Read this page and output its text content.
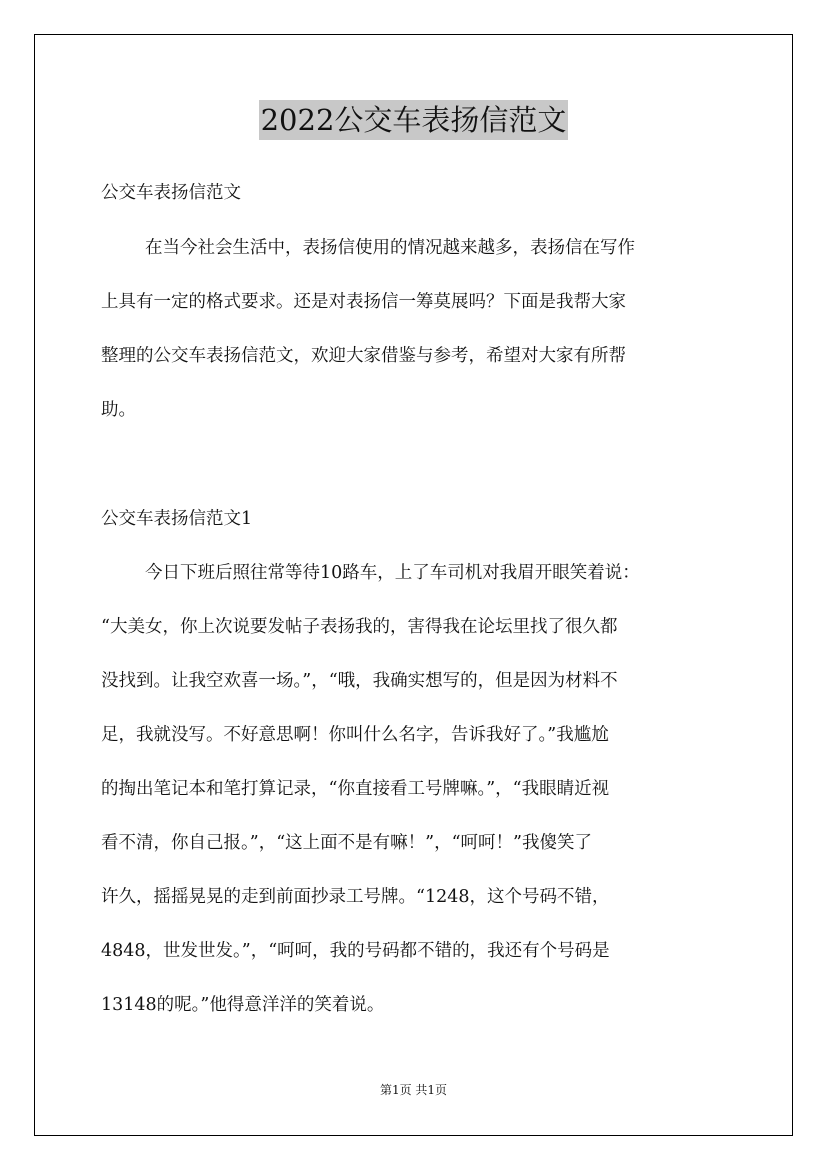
2022公交车表扬信范文
公交车表扬信范文
在当今社会生活中，表扬信使用的情况越来越多，表扬信在写作
上具有一定的格式要求。还是对表扬信一筹莫展吗？下面是我帮大家
整理的公交车表扬信范文，欢迎大家借鉴与参考，希望对大家有所帮
助。
公交车表扬信范文1
今日下班后照往常等待10路车，上了车司机对我眉开眼笑着说：
“大美女，你上次说要发帖子表扬我的，害得我在论坛里找了很久都
没找到。让我空欢喜一场。”，“哦，我确实想写的，但是因为材料不
足，我就没写。不好意思啊！你叫什么名字，告诉我好了。”我尴尬
的掏出笔记本和笔打算记录，“你直接看工号牌嘛。”，“我眼睛近视
看不清，你自己报。”，“这上面不是有嘛！”，“呵呵！”我傻笑了
许久，摇摇晃晃的走到前面抄录工号牌。“1248，这个号码不错，
4848，世发世发。”，“呵呵，我的号码都不错的，我还有个号码是
13148的呢。”他得意洋洋的笑着说。
第1页 共1页
